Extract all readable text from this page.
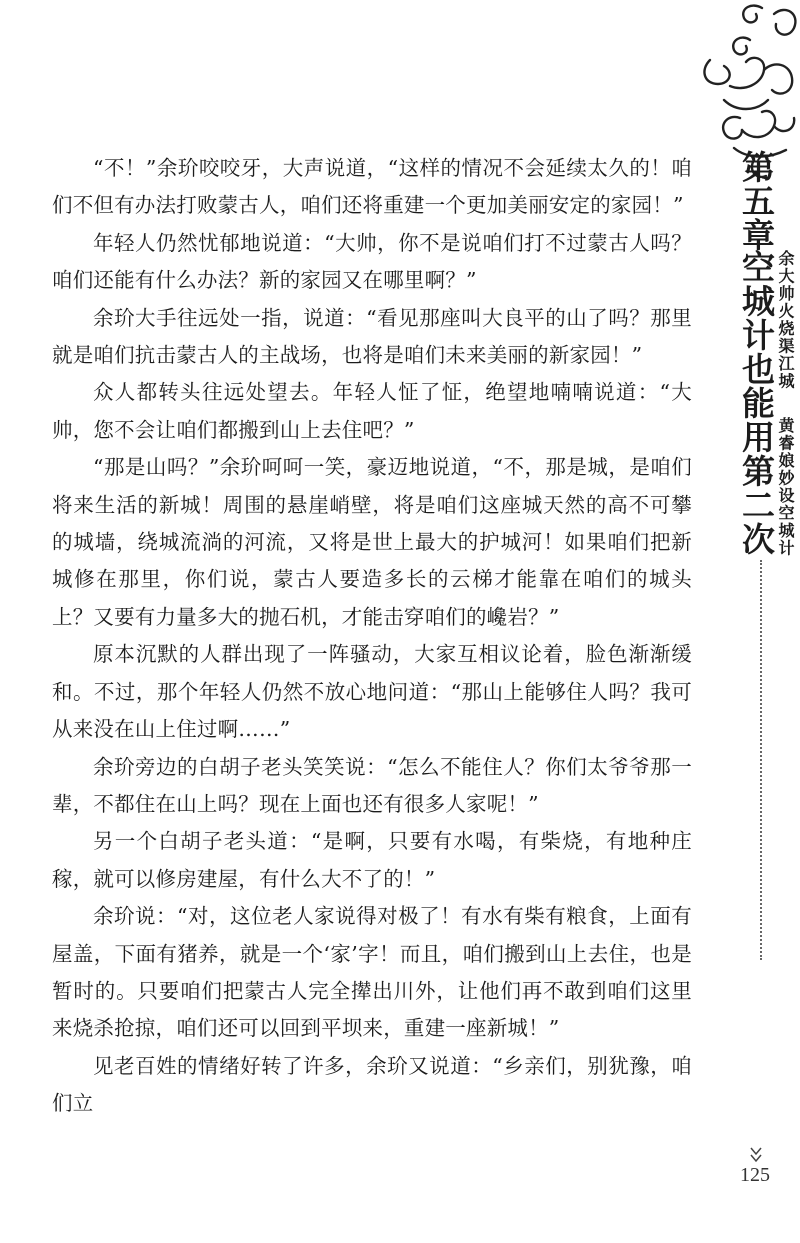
“不！”余玠咬咬牙，大声说道，“这样的情况不会延续太久的！咱们不但有办法打败蒙古人，咱们还将重建一个更加美丽安定的家园！”

年轻人仍然忧郁地说道：“大帅，你不是说咱们打不过蒙古人吗？咱们还能有什么办法？新的家园又在哪里啊？”

余玠大手往远处一指，说道：“看见那座叫大良平的山了吗？那里就是咱们抗击蒙古人的主战场，也将是咱们未来美丽的新家园！”

众人都转头往远处望去。年轻人怔了怔，绝望地喃喃说道：“大帅，您不会让咱们都搬到山上去住吧？”

“那是山吗？”余玠呵呵一笑，豪迈地说道，“不，那是城，是咱们将来生活的新城！周围的悬崖峭壁，将是咱们这座城天然的高不可攀的城墙，绕城流淌的河流，又将是世上最大的护城河！如果咱们把新城修在那里，你们说，蒙古人要造多长的云梯才能靠在咱们的城头上？又要有力量多大的抛石机，才能击穿咱们的巉岩？”

原本沉默的人群出现了一阵骚动，大家互相议论着，脸色渐渐缓和。不过，那个年轻人仍然不放心地问道：“那山上能够住人吗？我可从来没在山上住过啊……”

余玠旁边的白胡子老头笑笑说：“怎么不能住人？你们太爷爷那一辈，不都住在山上吗？现在上面也还有很多人家呢！”

另一个白胡子老头道：“是啊，只要有水喝，有柴烧，有地种庄稼，就可以修房建屋，有什么大不了的！”

余玠说：“对，这位老人家说得对极了！有水有柴有粮食，上面有屋盖，下面有猪养，就是一个‘家’字！而且，咱们搬到山上去住，也是暂时的。只要咱们把蒙古人完全撵出川外，让他们再不敢到咱们这里来烧杀抢掠，咱们还可以回到平坝来，重建一座新城！”

见老百姓的情绪好转了许多，余玠又说道：“乡亲们，别犹豫，咱们立

第五章
空城计也能用第二次 余大帅火烧渠江城
黄睿娘妙设空城计
125
